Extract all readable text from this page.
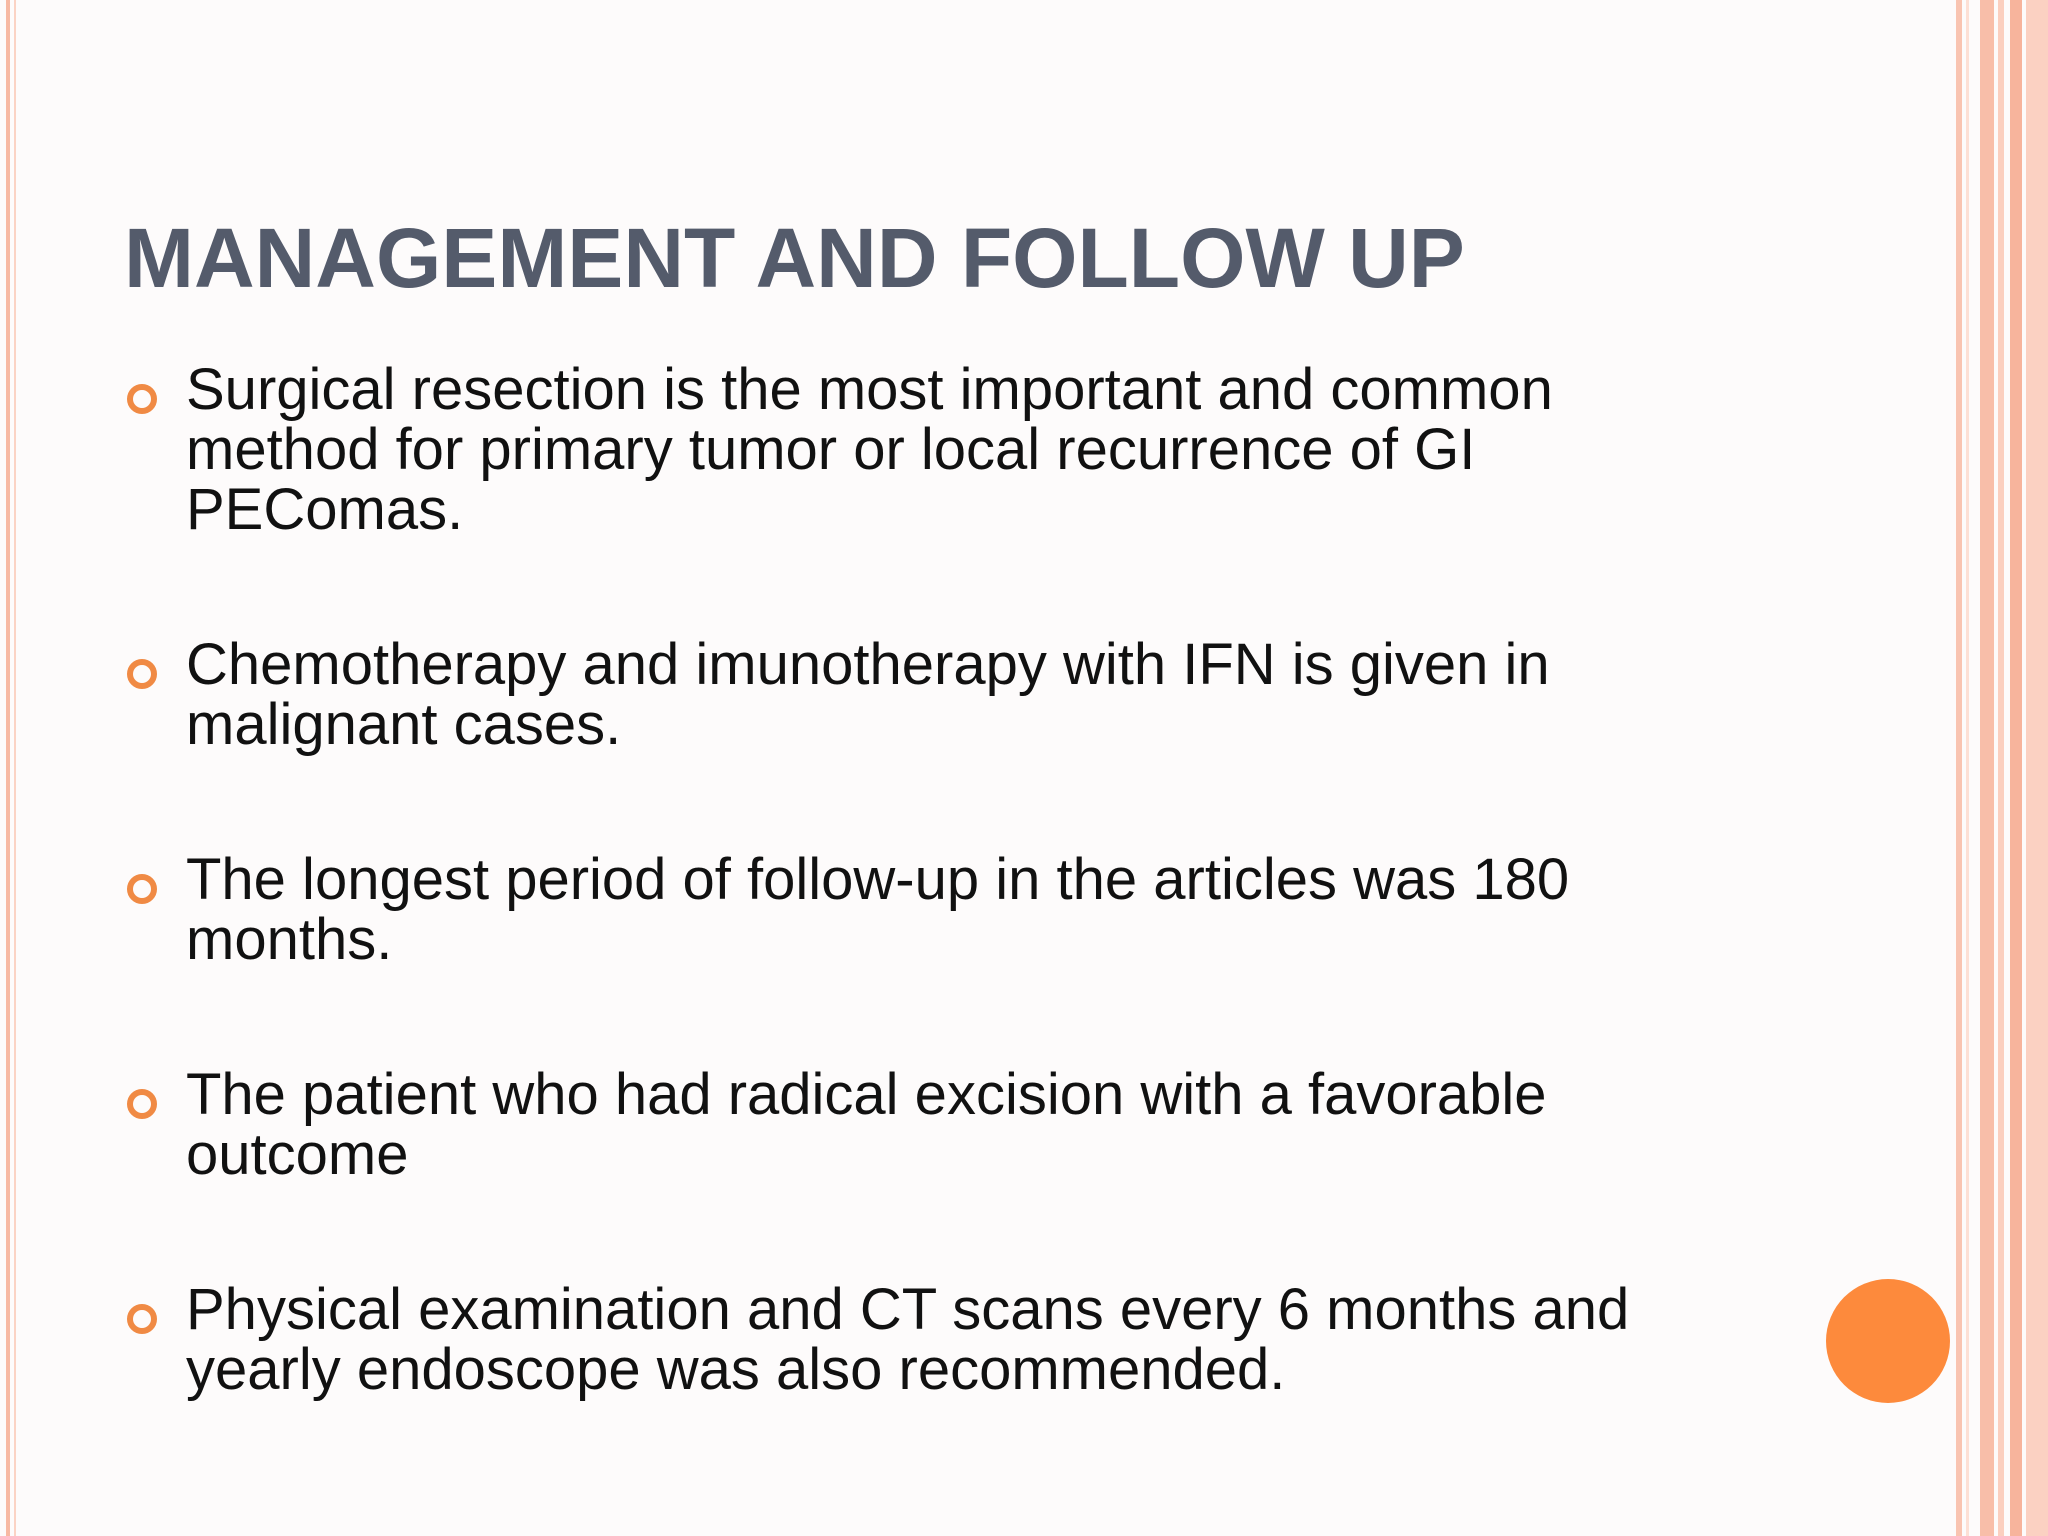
MANAGEMENT AND FOLLOW UP
Surgical resection is the most important and common method for primary tumor or local recurrence of GI PEComas.
Chemotherapy and imunotherapy with IFN is given in malignant cases.
The longest period of follow-up in the articles was 180 months.
The patient who had radical excision with a favorable outcome
Physical examination and CT scans every 6 months and yearly endoscope was also recommended.
